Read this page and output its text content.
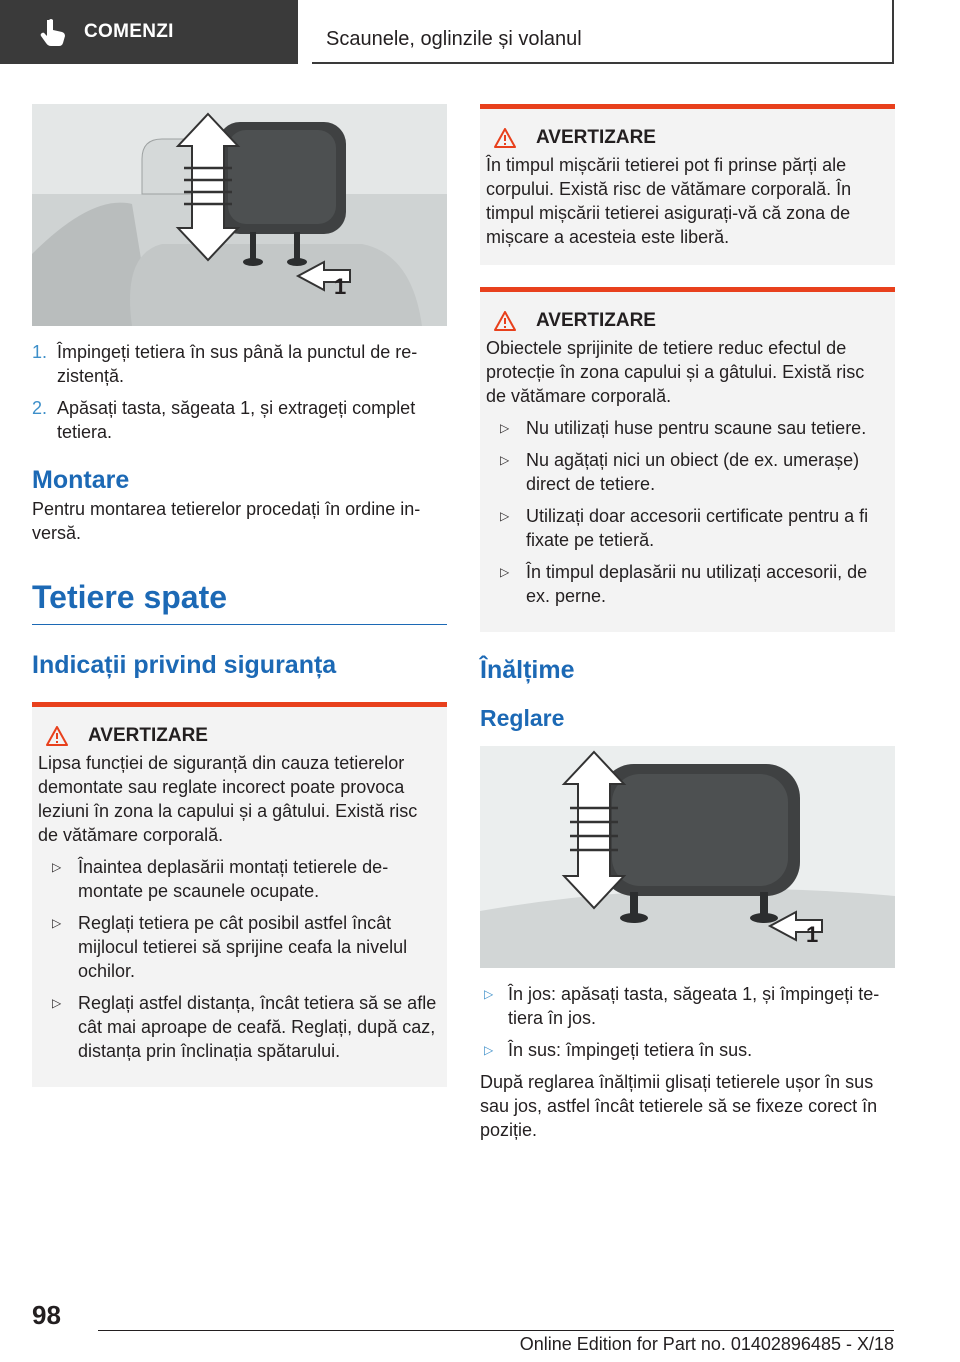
COMENZI	Scaunele, oglinzile și volanul
1
1. Împingeți tetiera în sus până la punctul de rezistență.
2. Apăsați tasta, săgeata 1, și extrageți complet tetiera.
Montare

Pentru montarea tetierelor procedați în ordine inversă.

Tetiere spate
Indicații privind siguranța
AVERTIZARE

Lipsa funcției de siguranță din cauza tetierelor demontate sau reglate incorect poate provoca leziuni în zona la capului și a gâtului. Există risc de vătămare corporală.

▷ Înaintea deplasării montați tetierele demontate pe scaunele ocupate.
▷ Reglați tetiera pe cât posibil astfel încât mijlocul tetierei să sprijine ceafa la nivelul ochilor.
▷ Reglați astfel distanța, încât tetiera să se afle cât mai aproape de ceafă. Reglați, după caz, distanța prin înclinația spătarului.
AVERTIZARE

În timpul mișcării tetierei pot fi prinse părți ale corpului. Există risc de vătămare corporală. În timpul mișcării tetierei asigurați-vă că zona de mișcare a acesteia este liberă.

AVERTIZARE

Obiectele sprijinite de tetiere reduc efectul de protecție în zona capului și a gâtului. Există risc de vătămare corporală.

▷ Nu utilizați huse pentru scaune sau tetiere.
▷ Nu agățați nici un obiect (de ex. umerașe) direct de tetiere.
▷ Utilizați doar accesorii certificate pentru a fi fixate pe tetieră.
▷ În timpul deplasării nu utilizați accesorii, de ex. perne.
Înălțime
Reglare
1
▷ În jos: apăsați tasta, săgeata 1, și împingeți tetiera în jos.
▷ În sus: împingeți tetiera în sus.

După reglarea înălțimii glisați tetierele ușor în sus sau jos, astfel încât tetierele să se fixeze corect în poziție.

98
Online Edition for Part no. 01402896485 - X/18
